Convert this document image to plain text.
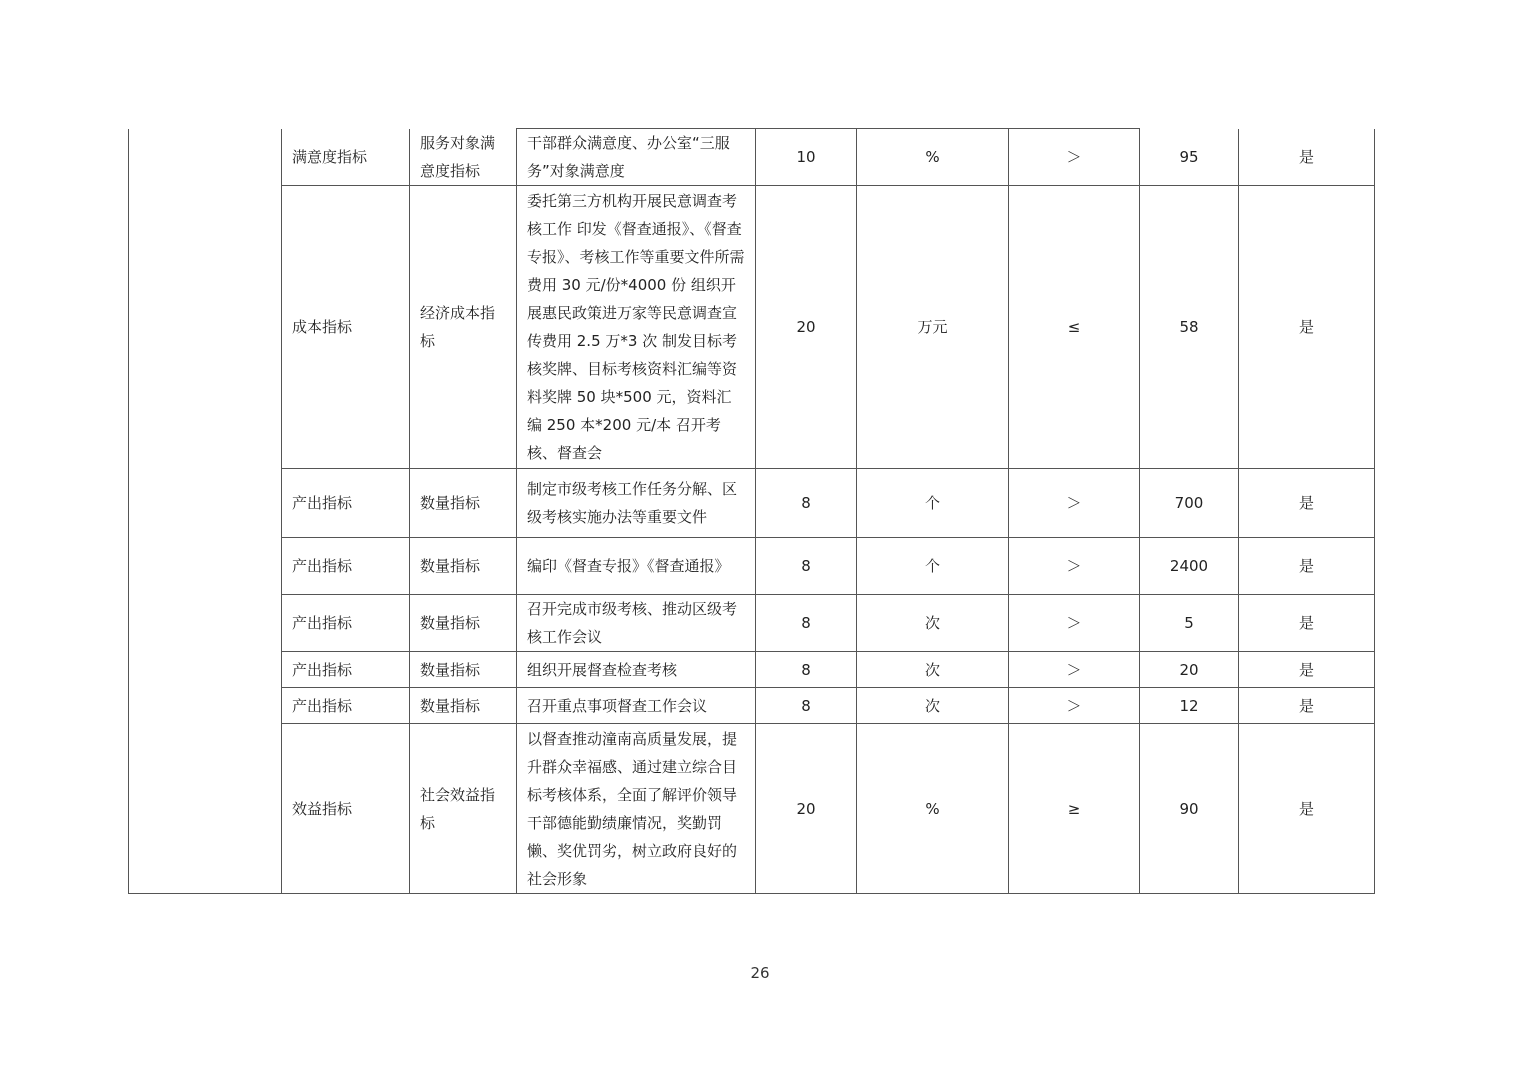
	满意度指标	服务对象满意度指标	干部群众满意度、办公室“三服务”对象满意度	10	%	＞	95	是
	成本指标	经济成本指标	委托第三方机构开展民意调查考核工作 印发《督查通报》、《督查专报》、考核工作等重要文件所需费用 30 元/份*4000 份 组织开展惠民政策进万家等民意调查宣传费用 2.5 万*3 次 制发目标考核奖牌、目标考核资料汇编等资料奖牌 50 块*500 元，资料汇编 250 本*200 元/本 召开考核、督查会	20	万元	≤	58	是
	产出指标	数量指标	制定市级考核工作任务分解、区级考核实施办法等重要文件	8	个	＞	700	是
	产出指标	数量指标	编印《督查专报》《督查通报》	8	个	＞	2400	是
	产出指标	数量指标	召开完成市级考核、推动区级考核工作会议	8	次	＞	5	是
	产出指标	数量指标	组织开展督查检查考核	8	次	＞	20	是
	产出指标	数量指标	召开重点事项督查工作会议	8	次	＞	12	是
	效益指标	社会效益指标	以督查推动潼南高质量发展，提升群众幸福感、通过建立综合目标考核体系，全面了解评价领导干部德能勤绩廉情况，奖勤罚懒、奖优罚劣，树立政府良好的社会形象	20	%	≥	90	是
26
